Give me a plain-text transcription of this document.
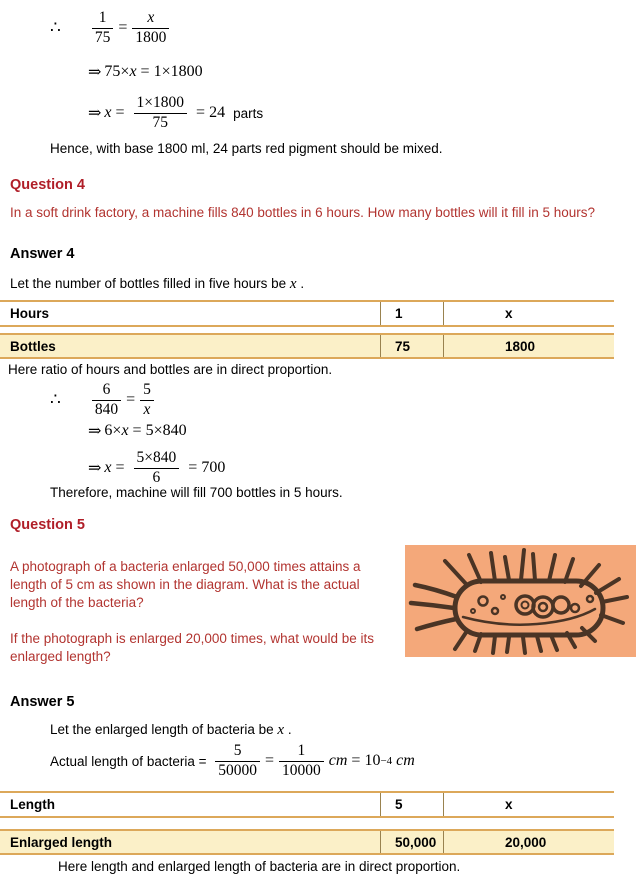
∴ $\frac{1}{75} = \frac{x}{1800}$
⇒ 75× x = 1×1800
⇒ $x = \frac{1\times 1800}{75} = 24$ parts
Hence, with base 1800 ml, 24 parts red pigment should be mixed.
Question 4
In a soft drink factory, a machine fills 840 bottles in 6 hours. How many bottles will it fill in 5 hours?
Answer 4
Let the number of bottles filled in five hours be x .
Hours	1	x
Bottles	75	1800
Here ratio of hours and bottles are in direct proportion.
∴ $\frac{6}{840} = \frac{5}{x}$
⇒ 6× x = 5×840
⇒ $x = \frac{5\times 840}{6} = 700$
Therefore, machine will fill 700 bottles in 5 hours.
Question 5
A photograph of a bacteria enlarged 50,000 times attains a length of 5 cm as shown in the diagram. What is the actual length of the bacteria?
If the photograph is enlarged 20,000 times, what would be its enlarged length?
Answer 5
Let the enlarged length of bacteria be x .
Actual length of bacteria = $\frac{5}{50000} = \frac{1}{10000}$ cm = 10 −4 cm
Length	5	x
Enlarged length	50,000	20,000
Here length and enlarged length of bacteria are in direct proportion.
